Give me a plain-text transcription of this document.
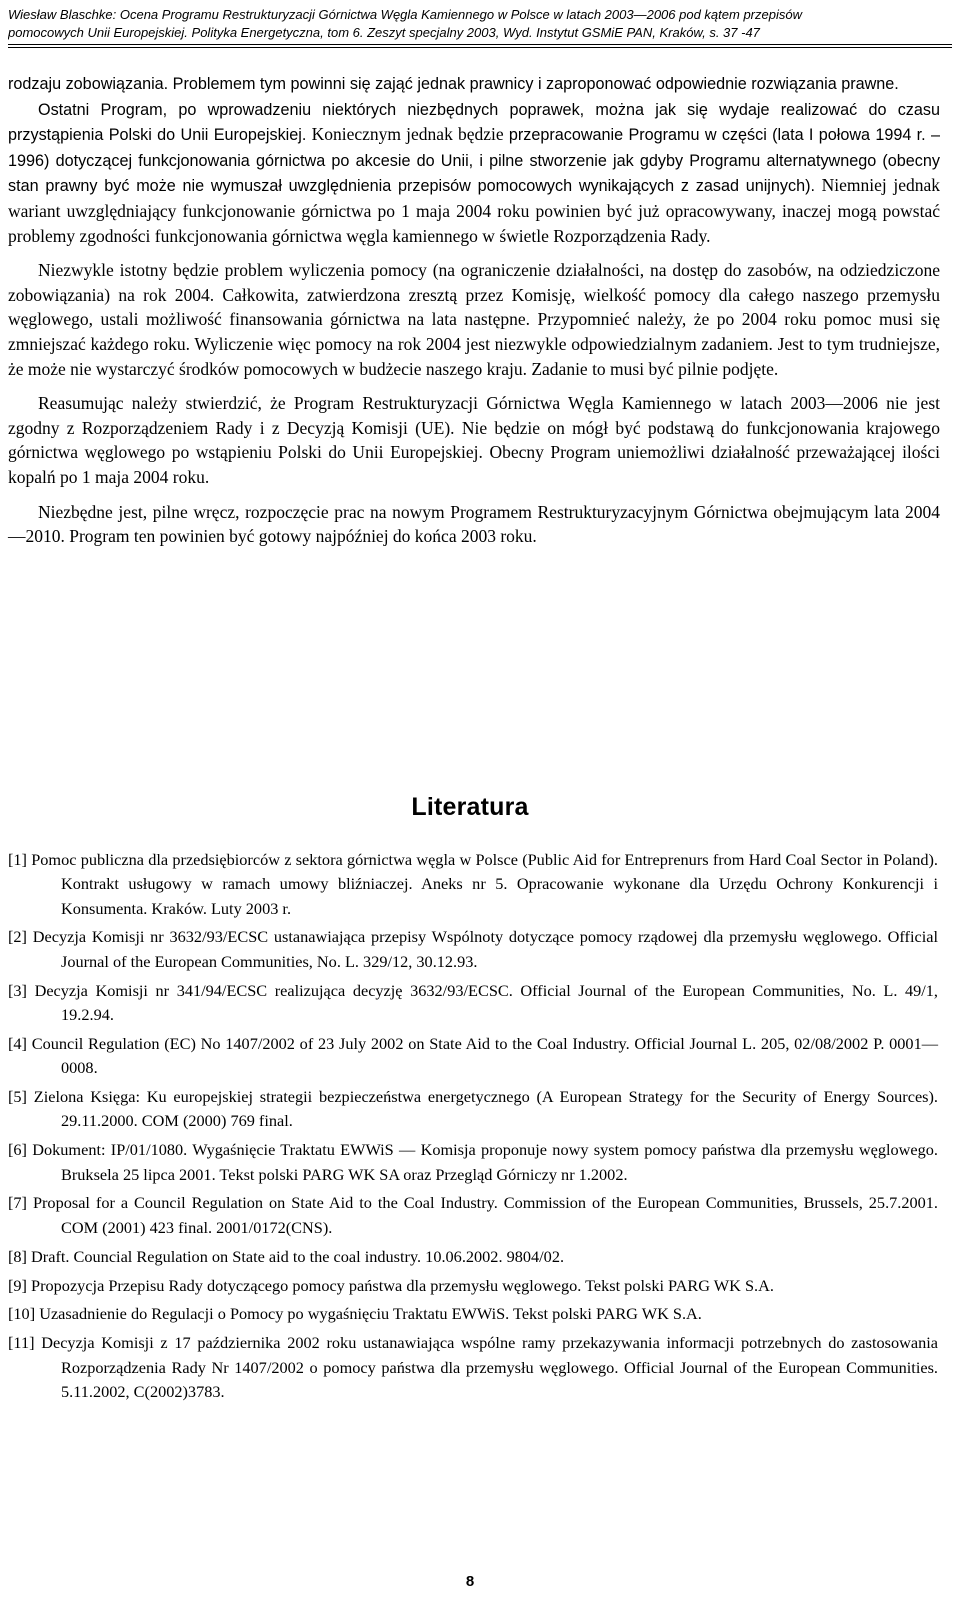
Wiesław Blaschke: Ocena Programu Restrukturyzacji Górnictwa Węgla Kamiennego w Polsce w latach 2003—2006 pod kątem przepisów
pomocowych Unii Europejskiej. Polityka Energetyczna, tom 6. Zeszyt specjalny 2003, Wyd. Instytut GSMiE PAN, Kraków, s. 37 -47

rodzaju zobowiązania. Problemem tym powinni się zająć jednak prawnicy i zaproponować odpowiednie rozwiązania prawne.

Ostatni Program, po wprowadzeniu niektórych niezbędnych poprawek, można jak się wydaje realizować do czasu przystąpienia Polski do Unii Europejskiej. Koniecznym jednak będzie przepracowanie Programu w części (lata I połowa 1994 r. – 1996) dotyczącej funkcjonowania górnictwa po akcesie do Unii, i pilne stworzenie jak gdyby Programu alternatywnego (obecny stan prawny być może nie wymuszał uwzględnienia przepisów pomocowych wynikających z zasad unijnych). Niemniej jednak wariant uwzględniający funkcjonowanie górnictwa po 1 maja 2004 roku powinien być już opracowywany, inaczej mogą powstać problemy zgodności funkcjonowania górnictwa węgla kamiennego w świetle Rozporządzenia Rady.

Niezwykle istotny będzie problem wyliczenia pomocy (na ograniczenie działalności, na dostęp do zasobów, na odziedziczone zobowiązania) na rok 2004. Całkowita, zatwierdzona zresztą przez Komisję, wielkość pomocy dla całego naszego przemysłu węglowego, ustali możliwość finansowania górnictwa na lata następne. Przypomnieć należy, że po 2004 roku pomoc musi się zmniejszać każdego roku. Wyliczenie więc pomocy na rok 2004 jest niezwykle odpowiedzialnym zadaniem. Jest to tym trudniejsze, że może nie wystarczyć środków pomocowych w budżecie naszego kraju. Zadanie to musi być pilnie podjęte.

Reasumując należy stwierdzić, że Program Restrukturyzacji Górnictwa Węgla Kamiennego w latach 2003—2006 nie jest zgodny z Rozporządzeniem Rady i z Decyzją Komisji (UE). Nie będzie on mógł być podstawą do funkcjonowania krajowego górnictwa węglowego po wstąpieniu Polski do Unii Europejskiej. Obecny Program uniemożliwi działalność przeważającej ilości kopalń po 1 maja 2004 roku.

Niezbędne jest, pilne wręcz, rozpoczęcie prac na nowym Programem Restrukturyzacyjnym Górnictwa obejmującym lata 2004—2010. Program ten powinien być gotowy najpóźniej do końca 2003 roku.

Literatura
[1] Pomoc publiczna dla przedsiębiorców z sektora górnictwa węgla w Polsce (Public Aid for Entreprenurs from Hard Coal Sector in Poland). Kontrakt usługowy w ramach umowy bliźniaczej. Aneks nr 5. Opracowanie wykonane dla Urzędu Ochrony Konkurencji i Konsumenta. Kraków. Luty 2003 r.
[2] Decyzja Komisji nr 3632/93/ECSC ustanawiająca przepisy Wspólnoty dotyczące pomocy rządowej dla przemysłu węglowego. Official Journal of the European Communities, No. L. 329/12, 30.12.93.
[3] Decyzja Komisji nr 341/94/ECSC realizująca decyzję 3632/93/ECSC. Official Journal of the European Communities, No. L. 49/1, 19.2.94.
[4] Council Regulation (EC) No 1407/2002 of 23 July 2002 on State Aid to the Coal Industry. Official Journal L. 205, 02/08/2002 P. 0001—0008.
[5] Zielona Księga: Ku europejskiej strategii bezpieczeństwa energetycznego (A European Strategy for the Security of Energy Sources). 29.11.2000. COM (2000) 769 final.
[6] Dokument: IP/01/1080. Wygaśnięcie Traktatu EWWiS — Komisja proponuje nowy system pomocy państwa dla przemysłu węglowego. Bruksela 25 lipca 2001. Tekst polski PARG WK SA oraz Przegląd Górniczy nr 1.2002.
[7] Proposal for a Council Regulation on State Aid to the Coal Industry. Commission of the European Communities, Brussels, 25.7.2001. COM (2001) 423 final. 2001/0172(CNS).
[8] Draft. Councial Regulation on State aid to the coal industry. 10.06.2002. 9804/02.
[9] Propozycja Przepisu Rady dotyczącego pomocy państwa dla przemysłu węglowego. Tekst polski PARG WK S.A.
[10] Uzasadnienie do Regulacji o Pomocy po wygaśnięciu Traktatu EWWiS. Tekst polski PARG WK S.A.
[11] Decyzja Komisji z 17 października 2002 roku ustanawiająca wspólne ramy przekazywania informacji potrzebnych do zastosowania Rozporządzenia Rady Nr 1407/2002 o pomocy państwa dla przemysłu węglowego. Official Journal of the European Communities. 5.11.2002, C(2002)3783.
8
